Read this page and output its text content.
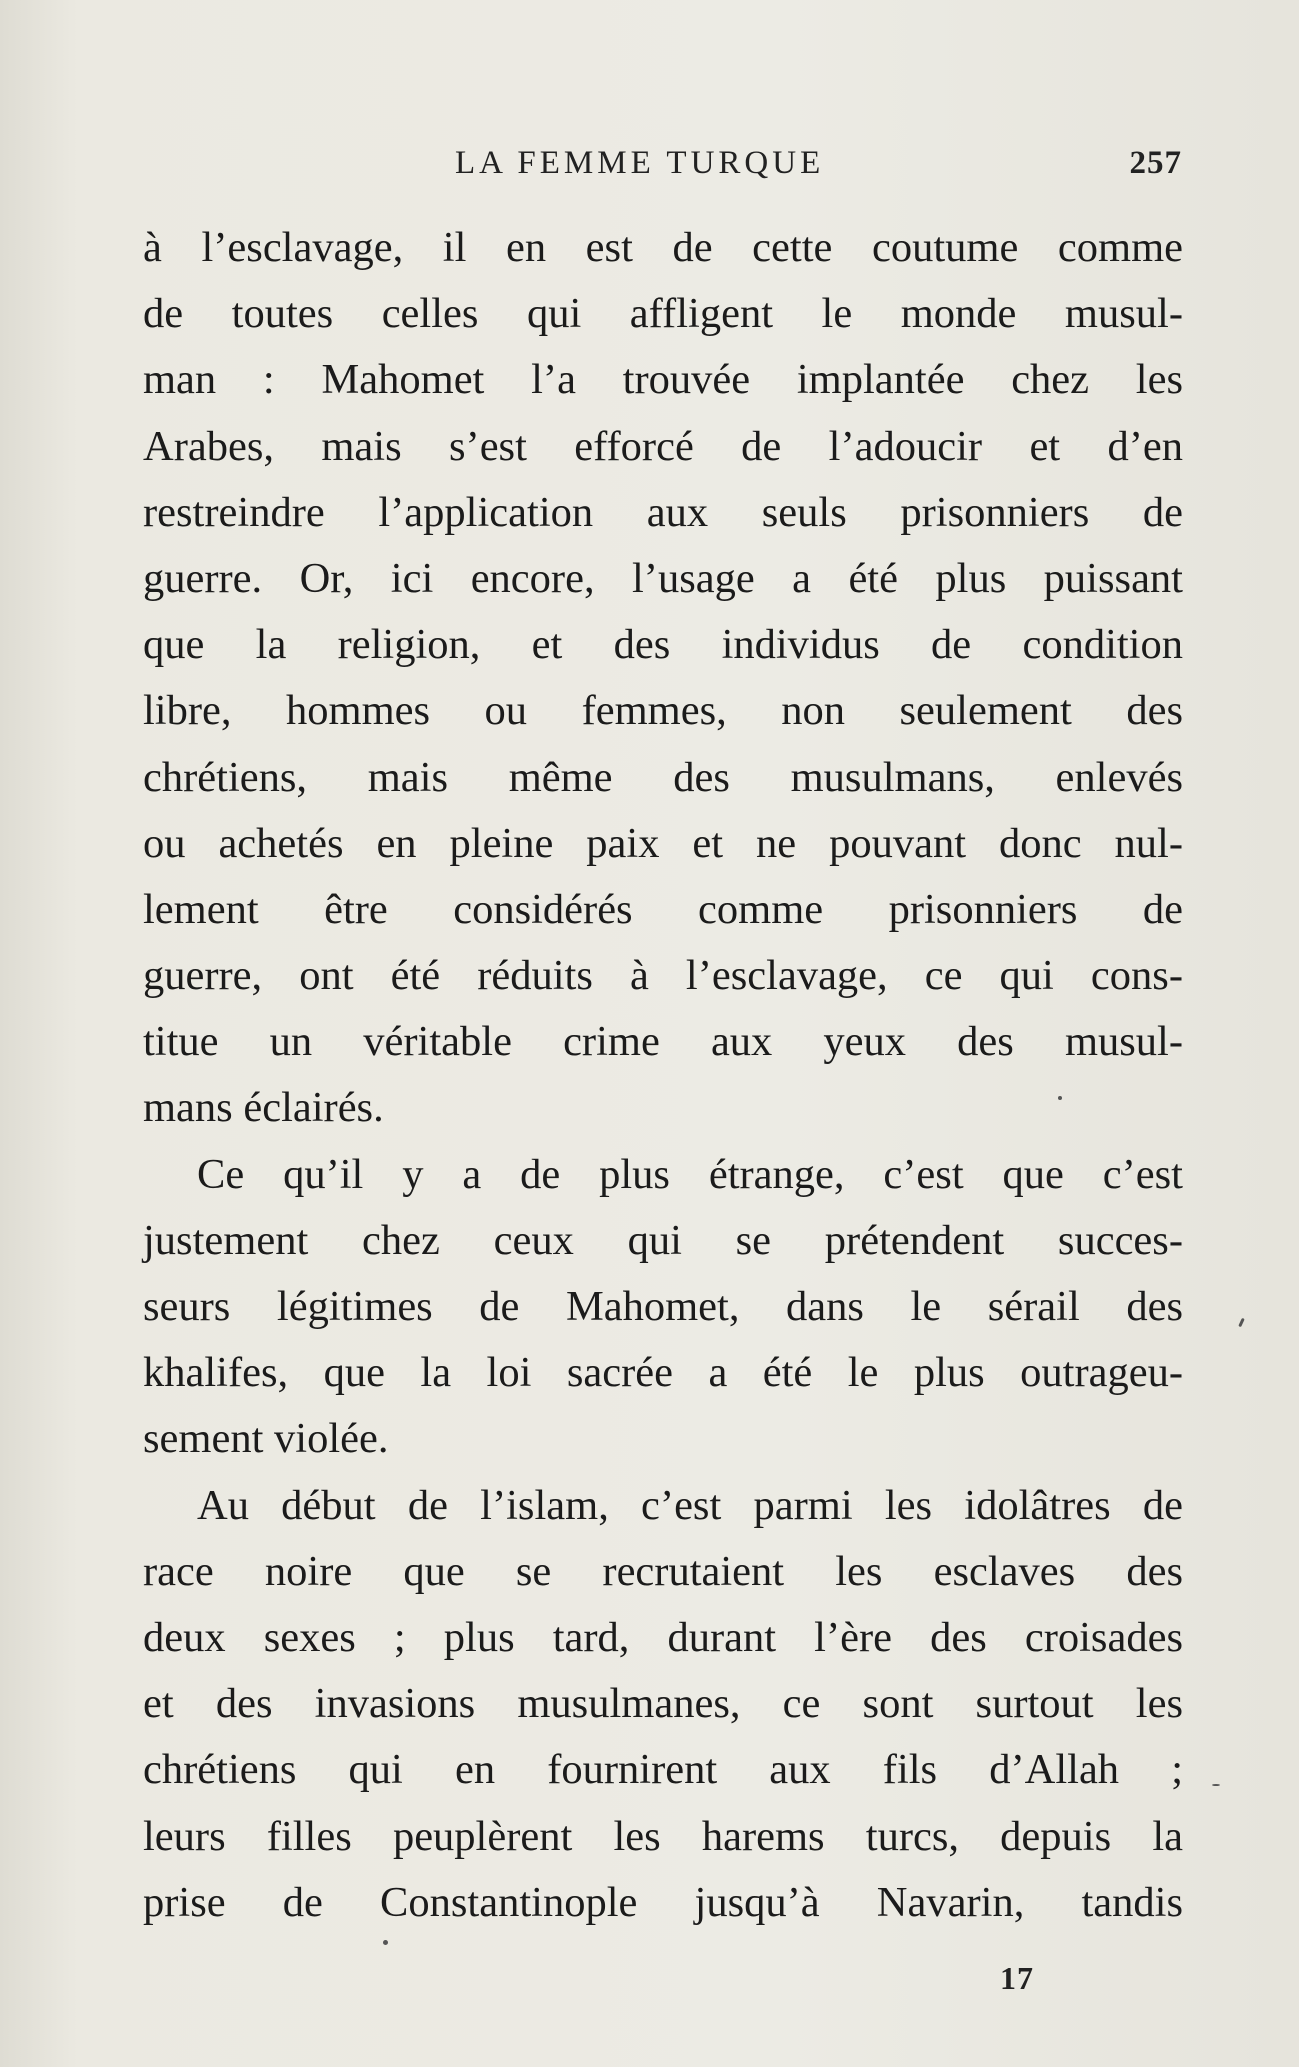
LA FEMME TURQUE	257
à l’esclavage, il en est de cette coutume comme
de toutes celles qui affligent le monde musul-
man : Mahomet l’a trouvée implantée chez les
Arabes, mais s’est efforcé de l’adoucir et d’en
restreindre l’application aux seuls prisonniers de
guerre. Or, ici encore, l’usage a été plus puissant
que la religion, et des individus de condition
libre, hommes ou femmes, non seulement des
chrétiens, mais même des musulmans, enlevés
ou achetés en pleine paix et ne pouvant donc nul-
lement être considérés comme prisonniers de
guerre, ont été réduits à l’esclavage, ce qui cons-
titue un véritable crime aux yeux des musul-
mans éclairés.
Ce qu’il y a de plus étrange, c’est que c’est
justement chez ceux qui se prétendent succes-
seurs légitimes de Mahomet, dans le sérail des
khalifes, que la loi sacrée a été le plus outrageu-
sement violée.
Au début de l’islam, c’est parmi les idolâtres de
race noire que se recrutaient les esclaves des
deux sexes ; plus tard, durant l’ère des croisades
et des invasions musulmanes, ce sont surtout les
chrétiens qui en fournirent aux fils d’Allah ;
leurs filles peuplèrent les harems turcs, depuis la
prise de Constantinople jusqu’à Navarin, tandis
17
